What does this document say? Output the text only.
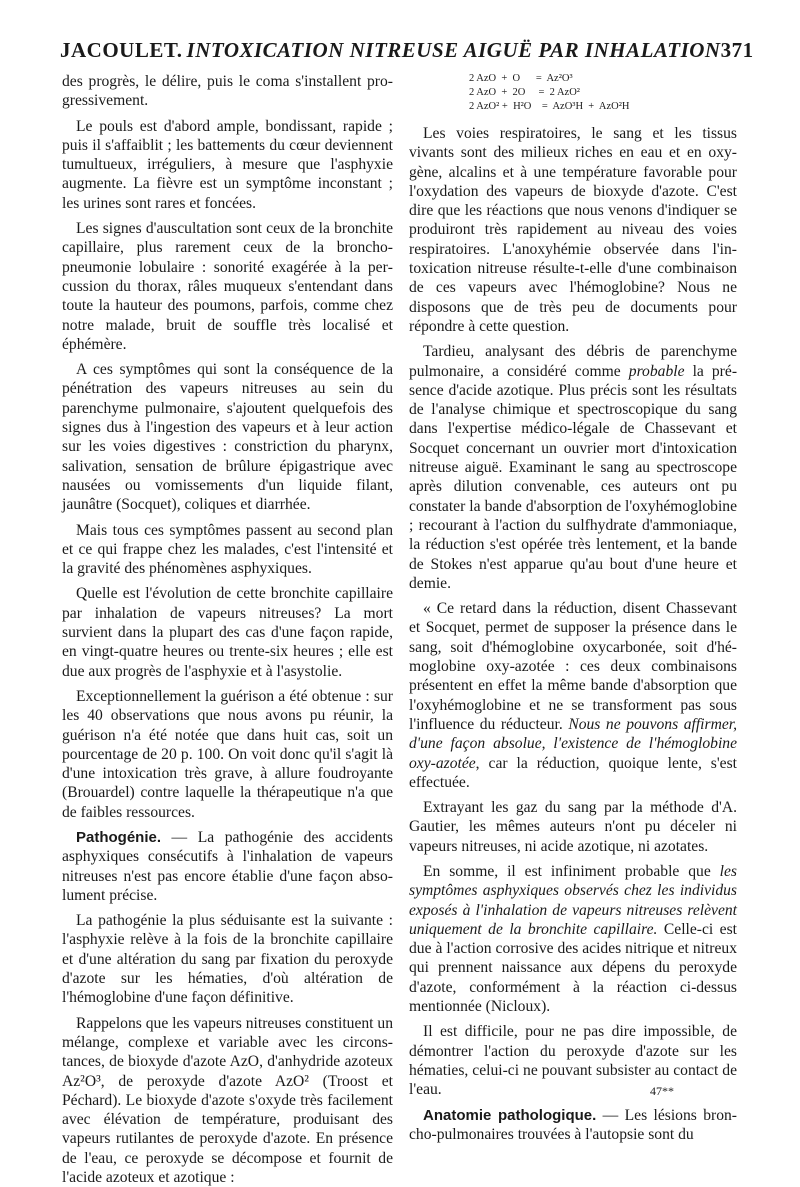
JACOULET. INTOXICATION NITREUSE AIGUË PAR INHALATION 371

des progrès, le délire, puis le coma s'installent progressivement.

Le pouls est d'abord ample, bondissant, rapide ; puis il s'affaiblit ; les battements du cœur deviennent tumultueux, irréguliers, à mesure que l'asphyxie augmente. La fièvre est un symptôme inconstant ; les urines sont rares et foncées.

Les signes d'auscultation sont ceux de la bronchite capillaire, plus rarement ceux de la broncho-pneumonie lobulaire : sonorité exagérée à la percussion du thorax, râles muqueux s'entendant dans toute la hauteur des poumons, parfois, comme chez notre malade, bruit de souffle très localisé et éphémère.

A ces symptômes qui sont la conséquence de la pénétration des vapeurs nitreuses au sein du parenchyme pulmonaire, s'ajoutent quelquefois des signes dus à l'ingestion des vapeurs et à leur action sur les voies digestives : constriction du pharynx, salivation, sensation de brûlure épigastrique avec nausées ou vomissements d'un liquide filant, jaunâtre (Socquet), coliques et diarrhée.

Mais tous ces symptômes passent au second plan et ce qui frappe chez les malades, c'est l'intensité et la gravité des phénomènes asphyxiques.

Quelle est l'évolution de cette bronchite capillaire par inhalation de vapeurs nitreuses? La mort survient dans la plupart des cas d'une façon rapide, en vingt-quatre heures ou trente-six heures ; elle est due aux progrès de l'asphyxie et à l'asystolie.

Exceptionnellement la guérison a été obtenue : sur les 40 observations que nous avons pu réunir, la guérison n'a été notée que dans huit cas, soit un pourcentage de 20 p. 100. On voit donc qu'il s'agit là d'une intoxication très grave, à allure foudroyante (Brouardel) contre laquelle la thérapeutique n'a que de faibles ressources.

Pathogénie. — La pathogénie des accidents asphyxiques consécutifs à l'inhalation de vapeurs nitreuses n'est pas encore établie d'une façon absolument précise.

La pathogénie la plus séduisante est la suivante : l'asphyxie relève à la fois de la bronchite capillaire et d'une altération du sang par fixation du peroxyde d'azote sur les hématies, d'où altération de l'hémoglobine d'une façon définitive.

Rappelons que les vapeurs nitreuses constituent un mélange, complexe et variable avec les circonstances, de bioxyde d'azote AzO, d'anhydride azoteux Az²O³, de peroxyde d'azote AzO² (Troost et Péchard). Le bioxyde d'azote s'oxyde très facilement avec élévation de température, produisant des vapeurs rutilantes de peroxyde d'azote. En présence de l'eau, ce peroxyde se décompose et fournit de l'acide azoteux et azotique :

2 AzO  +  O      =  Az²O³
2 AzO  +  2O     =  2 AzO²
2 AzO² +  H²O    =  AzO³H  +  AzO²H

Les voies respiratoires, le sang et les tissus vivants sont des milieux riches en eau et en oxygène, alcalins et à une température favorable pour l'oxydation des vapeurs de bioxyde d'azote. C'est dire que les réactions que nous venons d'indiquer se produiront très rapidement au niveau des voies respiratoires. L'anoxyhémie observée dans l'intoxication nitreuse résulte-t-elle d'une combinaison de ces vapeurs avec l'hémoglobine? Nous ne disposons que de très peu de documents pour répondre à cette question.

Tardieu, analysant des débris de parenchyme pulmonaire, a considéré comme probable la présence d'acide azotique. Plus précis sont les résultats de l'analyse chimique et spectroscopique du sang dans l'expertise médico-légale de Chassevant et Socquet concernant un ouvrier mort d'intoxication nitreuse aiguë. Examinant le sang au spectroscope après dilution convenable, ces auteurs ont pu constater la bande d'absorption de l'oxyhémoglobine ; recourant à l'action du sulfhydrate d'ammoniaque, la réduction s'est opérée très lentement, et la bande de Stokes n'est apparue qu'au bout d'une heure et demie.

« Ce retard dans la réduction, disent Chassevant et Socquet, permet de supposer la présence dans le sang, soit d'hémoglobine oxycarbonée, soit d'hémoglobine oxy-azotée : ces deux combinaisons présentent en effet la même bande d'absorption que l'oxyhémoglobine et ne se transforment pas sous l'influence du réducteur. Nous ne pouvons affirmer, d'une façon absolue, l'existence de l'hémoglobine oxy-azotée, car la réduction, quoique lente, s'est effectuée.

Extrayant les gaz du sang par la méthode d'A. Gautier, les mêmes auteurs n'ont pu déceler ni vapeurs nitreuses, ni acide azotique, ni azotates.

En somme, il est infiniment probable que les symptômes asphyxiques observés chez les individus exposés à l'inhalation de vapeurs nitreuses relèvent uniquement de la bronchite capillaire. Celle-ci est due à l'action corrosive des acides nitrique et nitreux qui prennent naissance aux dépens du peroxyde d'azote, conformément à la réaction ci-dessus mentionnée (Nicloux).

Il est difficile, pour ne pas dire impossible, de démontrer l'action du peroxyde d'azote sur les hématies, celui-ci ne pouvant subsister au contact de l'eau.

Anatomie pathologique. — Les lésions broncho-pulmonaires trouvées à l'autopsie sont du

47**
